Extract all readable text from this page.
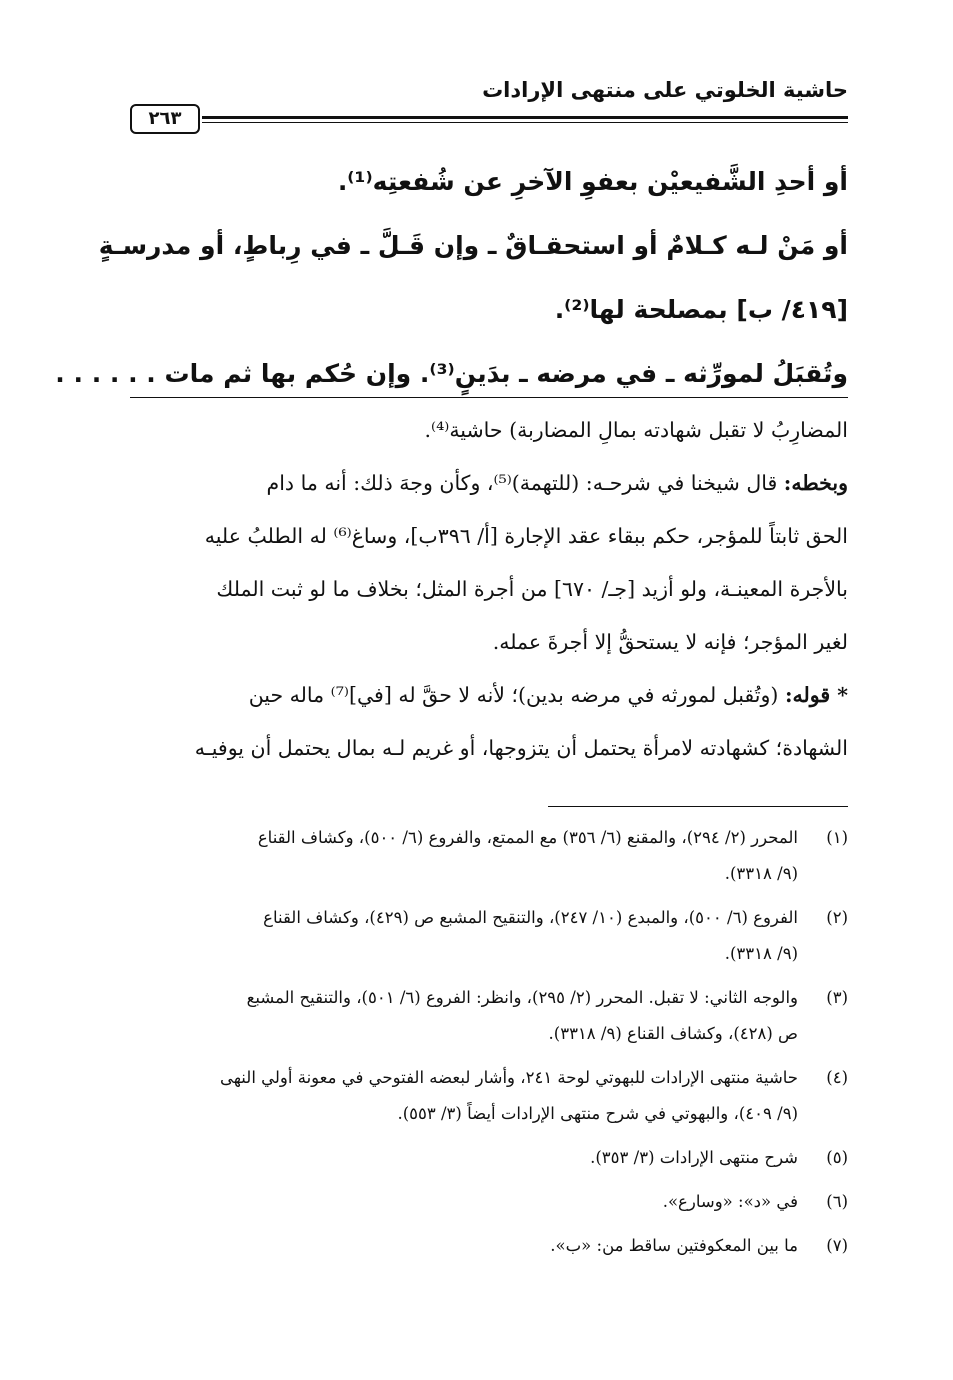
حاشية الخلوتي على منتهى الإرادات
٢٦٣
أو أحدِ الشَّفيعيْن بعفوِ الآخرِ عن شُفعتِه⁽¹⁾.
أو مَنْ لـه كـلامٌ أو استحقـاقٌ ـ وإن قَـلَّ ـ في رِباطٍ، أو مدرسـةٍ
[٤١٩/ ب] بمصلحة لها⁽²⁾.
وتُقبَلُ لمورِّثه ـ في مرضه ـ بدَينٍ⁽³⁾. وإن حُكم بها ثم مات . . . . . .
المضارِبُ لا تقبل شهادته بمالِ المضاربة) حاشية⁽⁴⁾.
وبخطه: قال شيخنا في شرحـه: (للتهمة)⁽⁵⁾، وكأن وجهَ ذلك: أنه ما دام
الحق ثابتاً للمؤجر، حكم ببقاء عقد الإجارة [أ/ ٣٩٦ب]، وساغ⁽⁶⁾ له الطلبُ عليه
بالأجرة المعينـة، ولو أزيد [جـ/ ٦٧٠] من أجرة المثل؛ بخلاف ما لو ثبت الملك
لغير المؤجر؛ فإنه لا يستحقُّ إلا أجرةَ عمله.
* قوله: (وتُقبل لمورثه في مرضه بدين)؛ لأنه لا حقَّ له [في]⁽⁷⁾ ماله حين
الشهادة؛ كشهادته لامرأة يحتمل أن يتزوجها، أو غريم لـه بمال يحتمل أن يوفيـه
(١)
المحرر (٢/ ٢٩٤)، والمقنع (٦/ ٣٥٦) مع الممتع، والفروع (٦/ ٥٠٠)، وكشاف القناع
(٩/ ٣٣١٨).
(٢)
الفروع (٦/ ٥٠٠)، والمبدع (١٠/ ٢٤٧)، والتنقيح المشبع ص (٤٢٩)، وكشاف القناع
(٩/ ٣٣١٨).
(٣)
والوجه الثاني: لا تقبل. المحرر (٢/ ٢٩٥)، وانظر: الفروع (٦/ ٥٠١)، والتنقيح المشبع
ص (٤٢٨)، وكشاف القناع (٩/ ٣٣١٨).
(٤)
حاشية منتهى الإرادات للبهوتي لوحة ٢٤١، وأشار لبعضه الفتوحي في معونة أولي النهى
(٩/ ٤٠٩)، والبهوتي في شرح منتهى الإرادات أيضاً (٣/ ٥٥٣).
(٥)
شرح منتهى الإرادات (٣/ ٣٥٣).
(٦)
في «د»: «وسارع».
(٧)
ما بين المعكوفتين ساقط من: «ب».
